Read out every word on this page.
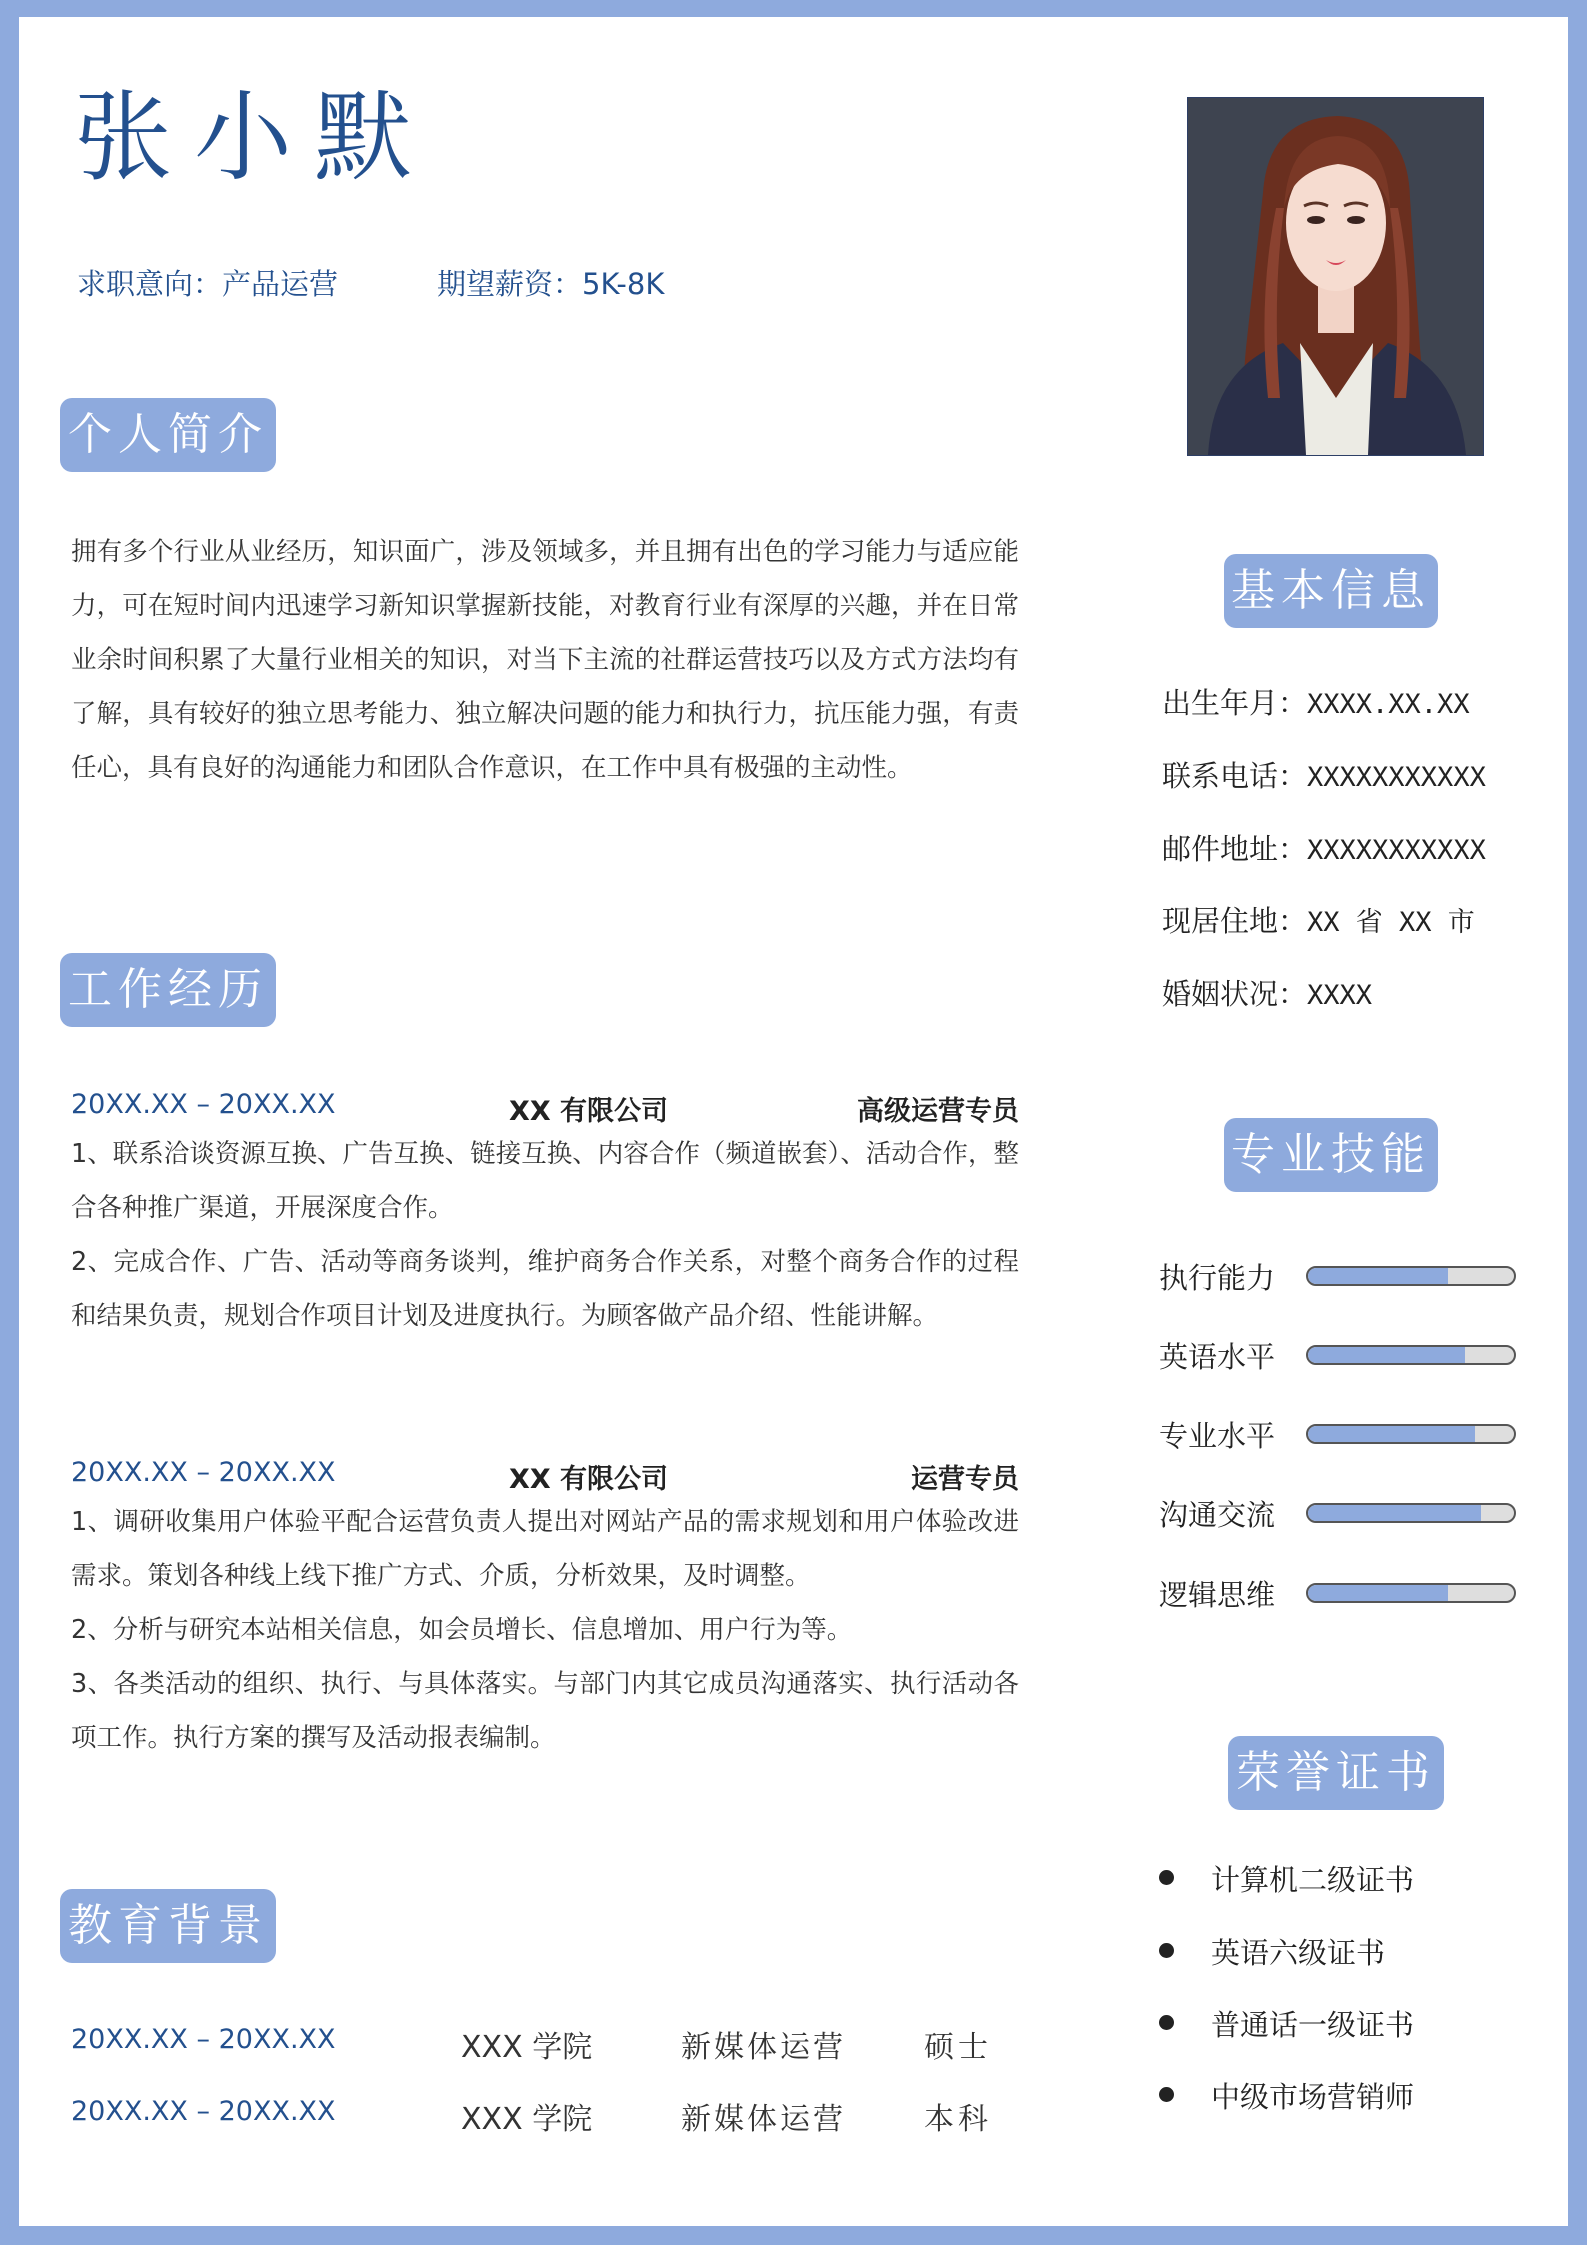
张小默
求职意向：产品运营	期望薪资：5K-8K
个人简介
拥有多个行业从业经历，知识面广，涉及领域多，并且拥有出色的学习能力与适应能力，可在短时间内迅速学习新知识掌握新技能，对教育行业有深厚的兴趣，并在日常业余时间积累了大量行业相关的知识，对当下主流的社群运营技巧以及方式方法均有了解，具有较好的独立思考能力、独立解决问题的能力和执行力，抗压能力强，有责任心，具有良好的沟通能力和团队合作意识，在工作中具有极强的主动性。
工作经历
20XX.XX – 20XX.XX	XX 有限公司	高级运营专员
1、联系洽谈资源互换、广告互换、链接互换、内容合作（频道嵌套）、活动合作，整合各种推广渠道，开展深度合作。
2、完成合作、广告、活动等商务谈判，维护商务合作关系，对整个商务合作的过程和结果负责，规划合作项目计划及进度执行。为顾客做产品介绍、性能讲解。
20XX.XX – 20XX.XX	XX 有限公司	运营专员
1、调研收集用户体验平配合运营负责人提出对网站产品的需求规划和用户体验改进需求。策划各种线上线下推广方式、介质，分析效果，及时调整。
2、分析与研究本站相关信息，如会员增长、信息增加、用户行为等。
3、各类活动的组织、执行、与具体落实。与部门内其它成员沟通落实、执行活动各项工作。执行方案的撰写及活动报表编制。
教育背景
20XX.XX – 20XX.XX	XXX 学院	新媒体运营	硕士
20XX.XX – 20XX.XX	XXX 学院	新媒体运营	本科
基本信息
出生年月：XXXX.XX.XX
联系电话：XXXXXXXXXXX
邮件地址：XXXXXXXXXXX
现居住地：XX 省 XX 市
婚姻状况：XXXX
专业技能
执行能力
英语水平
专业水平
沟通交流
逻辑思维
荣誉证书
计算机二级证书
英语六级证书
普通话一级证书
中级市场营销师
